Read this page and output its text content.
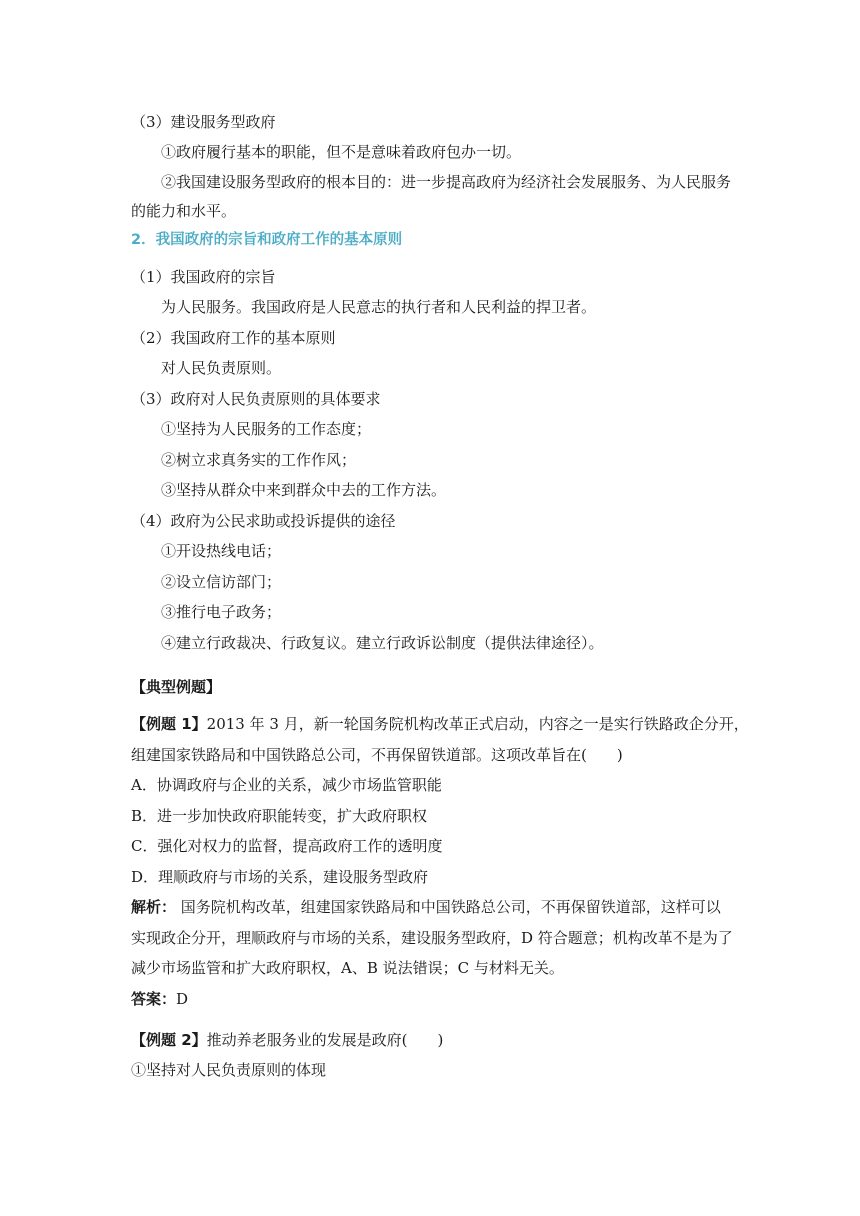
（3）建设服务型政府
①政府履行基本的职能，但不是意味着政府包办一切。
②我国建设服务型政府的根本目的：进一步提高政府为经济社会发展服务、为人民服务
的能力和水平。
2．我国政府的宗旨和政府工作的基本原则
（1）我国政府的宗旨
为人民服务。我国政府是人民意志的执行者和人民利益的捍卫者。
（2）我国政府工作的基本原则
对人民负责原则。
（3）政府对人民负责原则的具体要求
①坚持为人民服务的工作态度；
②树立求真务实的工作作风；
③坚持从群众中来到群众中去的工作方法。
（4）政府为公民求助或投诉提供的途径
①开设热线电话；
②设立信访部门；
③推行电子政务；
④建立行政裁决、行政复议。建立行政诉讼制度（提供法律途径）。
【典型例题】
【例题 1】2013 年 3 月，新一轮国务院机构改革正式启动，内容之一是实行铁路政企分开，
组建国家铁路局和中国铁路总公司，不再保留铁道部。这项改革旨在(　　)
A．协调政府与企业的关系，减少市场监管职能
B．进一步加快政府职能转变，扩大政府职权
C．强化对权力的监督，提高政府工作的透明度
D．理顺政府与市场的关系，建设服务型政府
解析： 国务院机构改革，组建国家铁路局和中国铁路总公司，不再保留铁道部，这样可以
实现政企分开，理顺政府与市场的关系，建设服务型政府，D 符合题意；机构改革不是为了
减少市场监管和扩大政府职权，A、B 说法错误；C 与材料无关。
答案：D
【例题 2】推动养老服务业的发展是政府(　　)
①坚持对人民负责原则的体现
